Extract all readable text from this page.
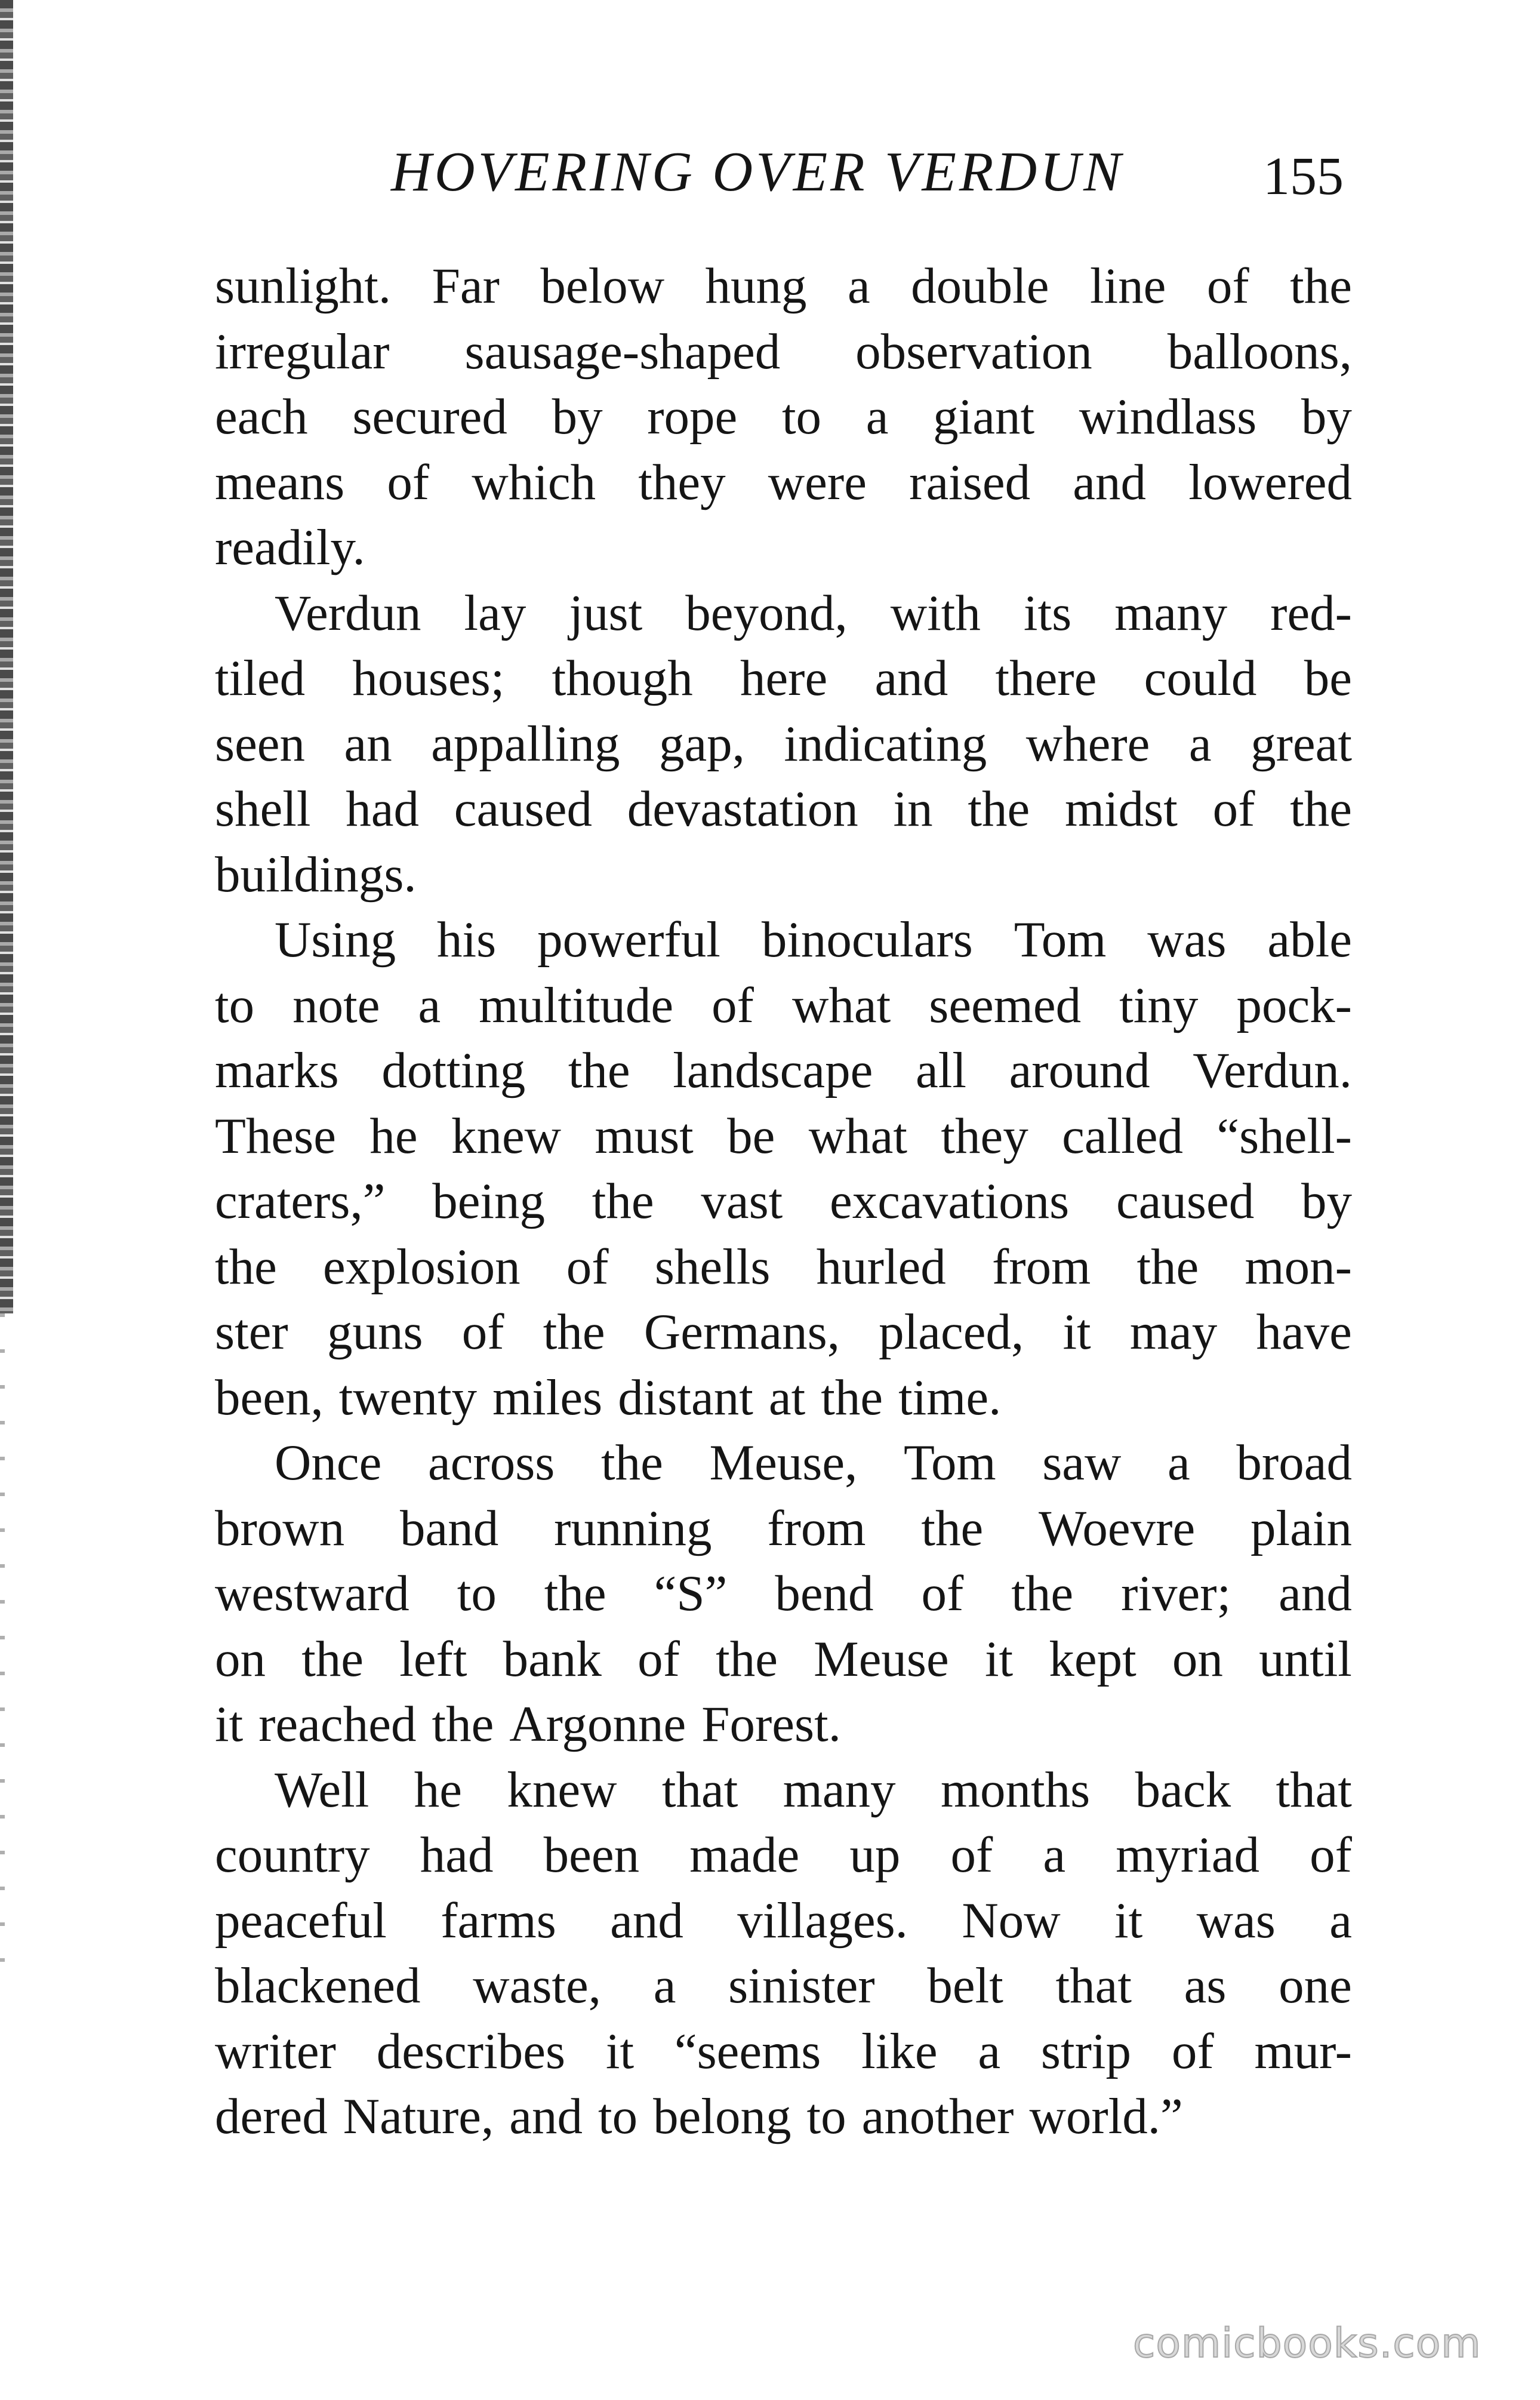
HOVERING OVER VERDUN	155
sunlight. Far below hung a double line of the
irregular sausage-shaped observation balloons,
each secured by rope to a giant windlass by
means of which they were raised and lowered
readily.
Verdun lay just beyond, with its many red-
tiled houses; though here and there could be
seen an appalling gap, indicating where a great
shell had caused devastation in the midst of the
buildings.
Using his powerful binoculars Tom was able
to note a multitude of what seemed tiny pock-
marks dotting the landscape all around Verdun.
These he knew must be what they called “shell-
craters,” being the vast excavations caused by
the explosion of shells hurled from the mon-
ster guns of the Germans, placed, it may have
been, twenty miles distant at the time.
Once across the Meuse, Tom saw a broad
brown band running from the Woevre plain
westward to the “S” bend of the river; and
on the left bank of the Meuse it kept on until
it reached the Argonne Forest.
Well he knew that many months back that
country had been made up of a myriad of
peaceful farms and villages. Now it was a
blackened waste, a sinister belt that as one
writer describes it “seems like a strip of mur-
dered Nature, and to belong to another world.”
comicbooks.com
